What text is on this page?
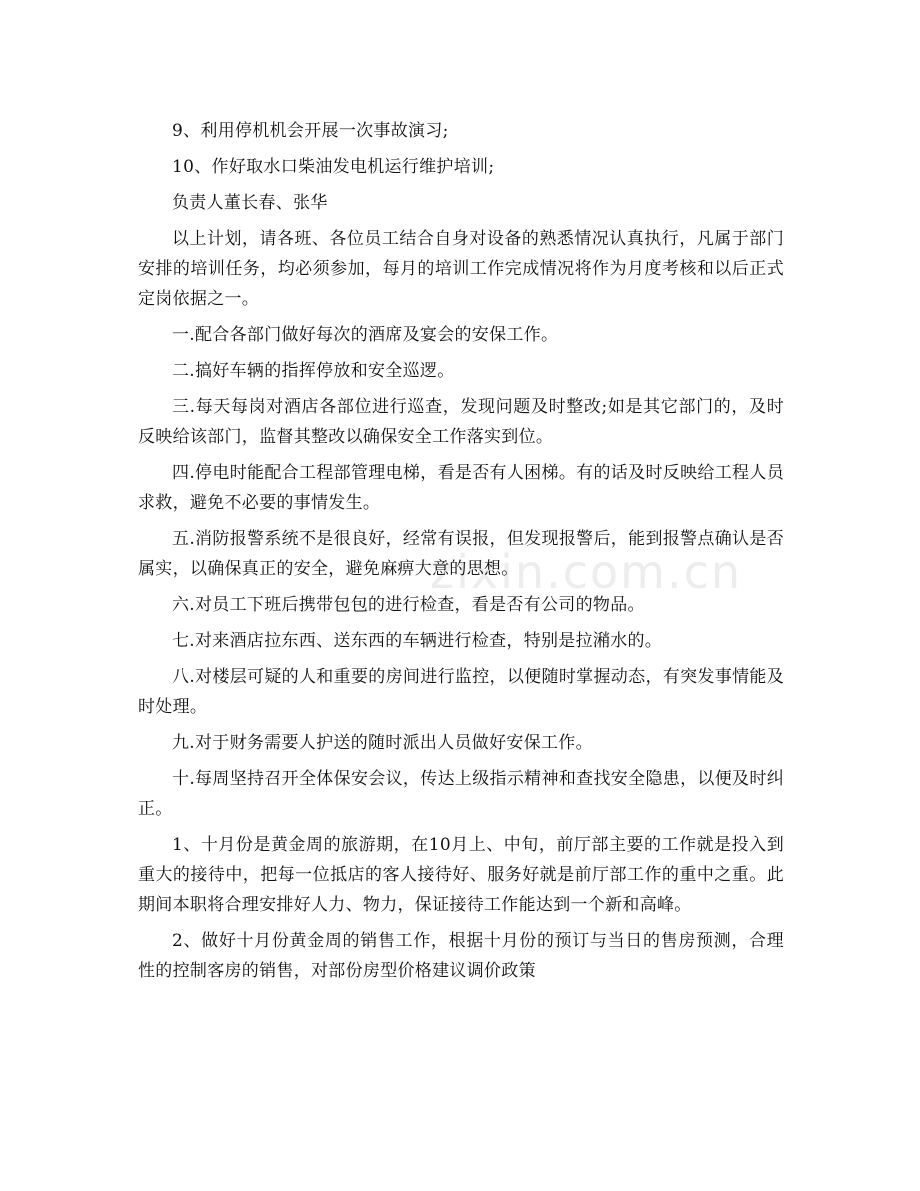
zixin.com.cn

9、利用停机机会开展一次事故演习;

10、作好取水口柴油发电机运行维护培训;

负责人董长春、张华

以上计划，请各班、各位员工结合自身对设备的熟悉情况认真执行，凡属于部门安排的培训任务，均必须参加，每月的培训工作完成情况将作为月度考核和以后正式定岗依据之一。

一.配合各部门做好每次的酒席及宴会的安保工作。

二.搞好车辆的指挥停放和安全巡逻。

三.每天每岗对酒店各部位进行巡查，发现问题及时整改;如是其它部门的，及时反映给该部门，监督其整改以确保安全工作落实到位。

四.停电时能配合工程部管理电梯，看是否有人困梯。有的话及时反映给工程人员求救，避免不必要的事情发生。

五.消防报警系统不是很良好，经常有误报，但发现报警后，能到报警点确认是否属实，以确保真正的安全，避免麻痹大意的思想。

六.对员工下班后携带包包的进行检查，看是否有公司的物品。

七.对来酒店拉东西、送东西的车辆进行检查，特别是拉潲水的。

八.对楼层可疑的人和重要的房间进行监控，以便随时掌握动态，有突发事情能及时处理。

九.对于财务需要人护送的随时派出人员做好安保工作。

十.每周坚持召开全体保安会议，传达上级指示精神和查找安全隐患，以便及时纠正。

1、十月份是黄金周的旅游期，在10月上、中旬，前厅部主要的工作就是投入到重大的接待中，把每一位抵店的客人接待好、服务好就是前厅部工作的重中之重。此期间本职将合理安排好人力、物力，保证接待工作能达到一个新和高峰。

2、做好十月份黄金周的销售工作，根据十月份的预订与当日的售房预测，合理性的控制客房的销售，对部份房型价格建议调价政策
